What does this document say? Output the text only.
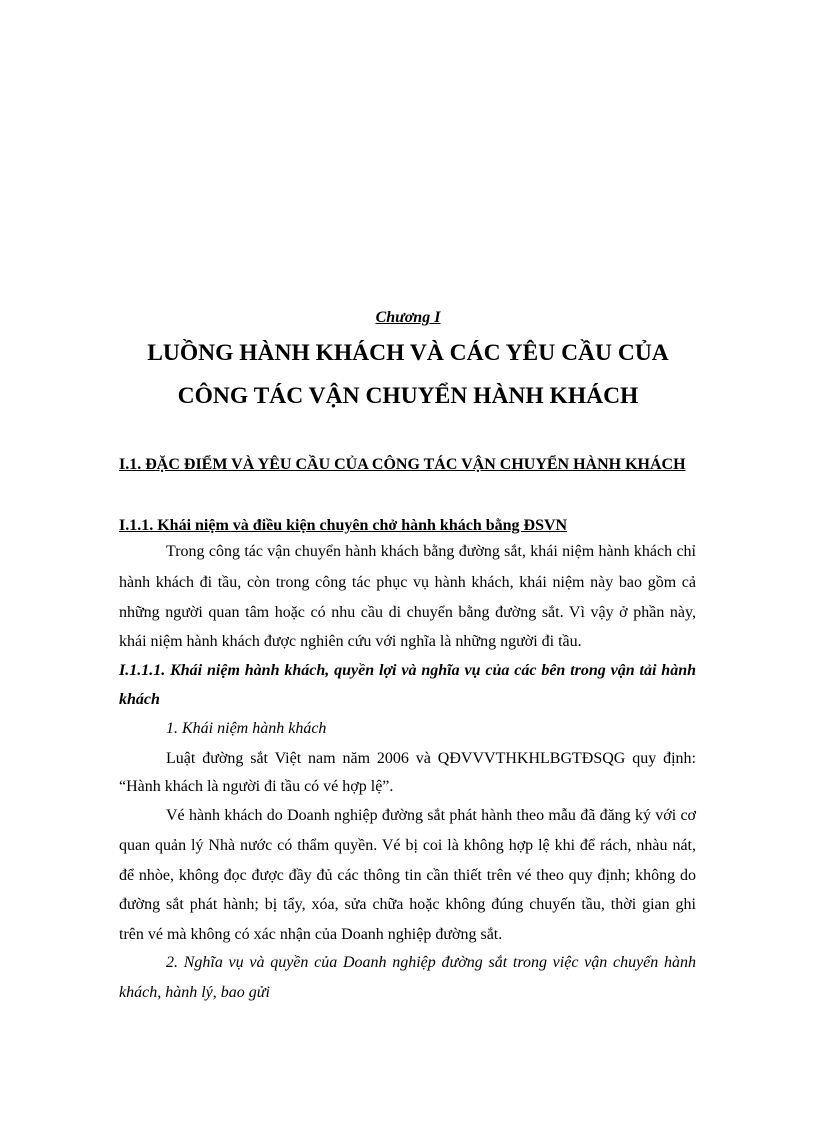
Chương I
LUỒNG HÀNH KHÁCH VÀ CÁC YÊU CẦU CỦA
CÔNG TÁC VẬN CHUYỂN HÀNH KHÁCH
I.1. ĐẶC ĐIỂM VÀ YÊU CẦU CỦA CÔNG TÁC VẬN CHUYỂN HÀNH KHÁCH
I.1.1. Khái niệm và điều kiện chuyên chở hành khách bằng ĐSVN
Trong công tác vận chuyển hành khách bằng đường sắt, khái niệm hành khách chỉ
hành khách đi tầu, còn trong công tác phục vụ hành khách, khái niệm này bao gồm cả
những người quan tâm hoặc có nhu cầu di chuyển bằng đường sắt. Vì vậy ở phần này,
khái niệm hành khách được nghiên cứu với nghĩa là những người đi tầu.
I.1.1.1. Khái niệm hành khách, quyền lợi và nghĩa vụ của các bên trong vận tải hành
khách
1. Khái niệm hành khách
Luật đường sắt Việt nam năm 2006 và QĐVVVTHKHLBGTĐSQG quy định:
“Hành khách là người đi tầu có vé hợp lệ”.
Vé hành khách do Doanh nghiệp đường sắt phát hành theo mẫu đã đăng ký với cơ
quan quản lý Nhà nước có thẩm quyền. Vé bị coi là không hợp lệ khi để rách, nhàu nát,
để nhòe, không đọc được đầy đủ các thông tin cần thiết trên vé theo quy định; không do
đường sắt phát hành; bị tẩy, xóa, sửa chữa hoặc không đúng chuyến tầu, thời gian ghi
trên vé mà không có xác nhận của Doanh nghiệp đường sắt.
2. Nghĩa vụ và quyền của Doanh nghiệp đường sắt trong việc vận chuyển hành
khách, hành lý, bao gửi
